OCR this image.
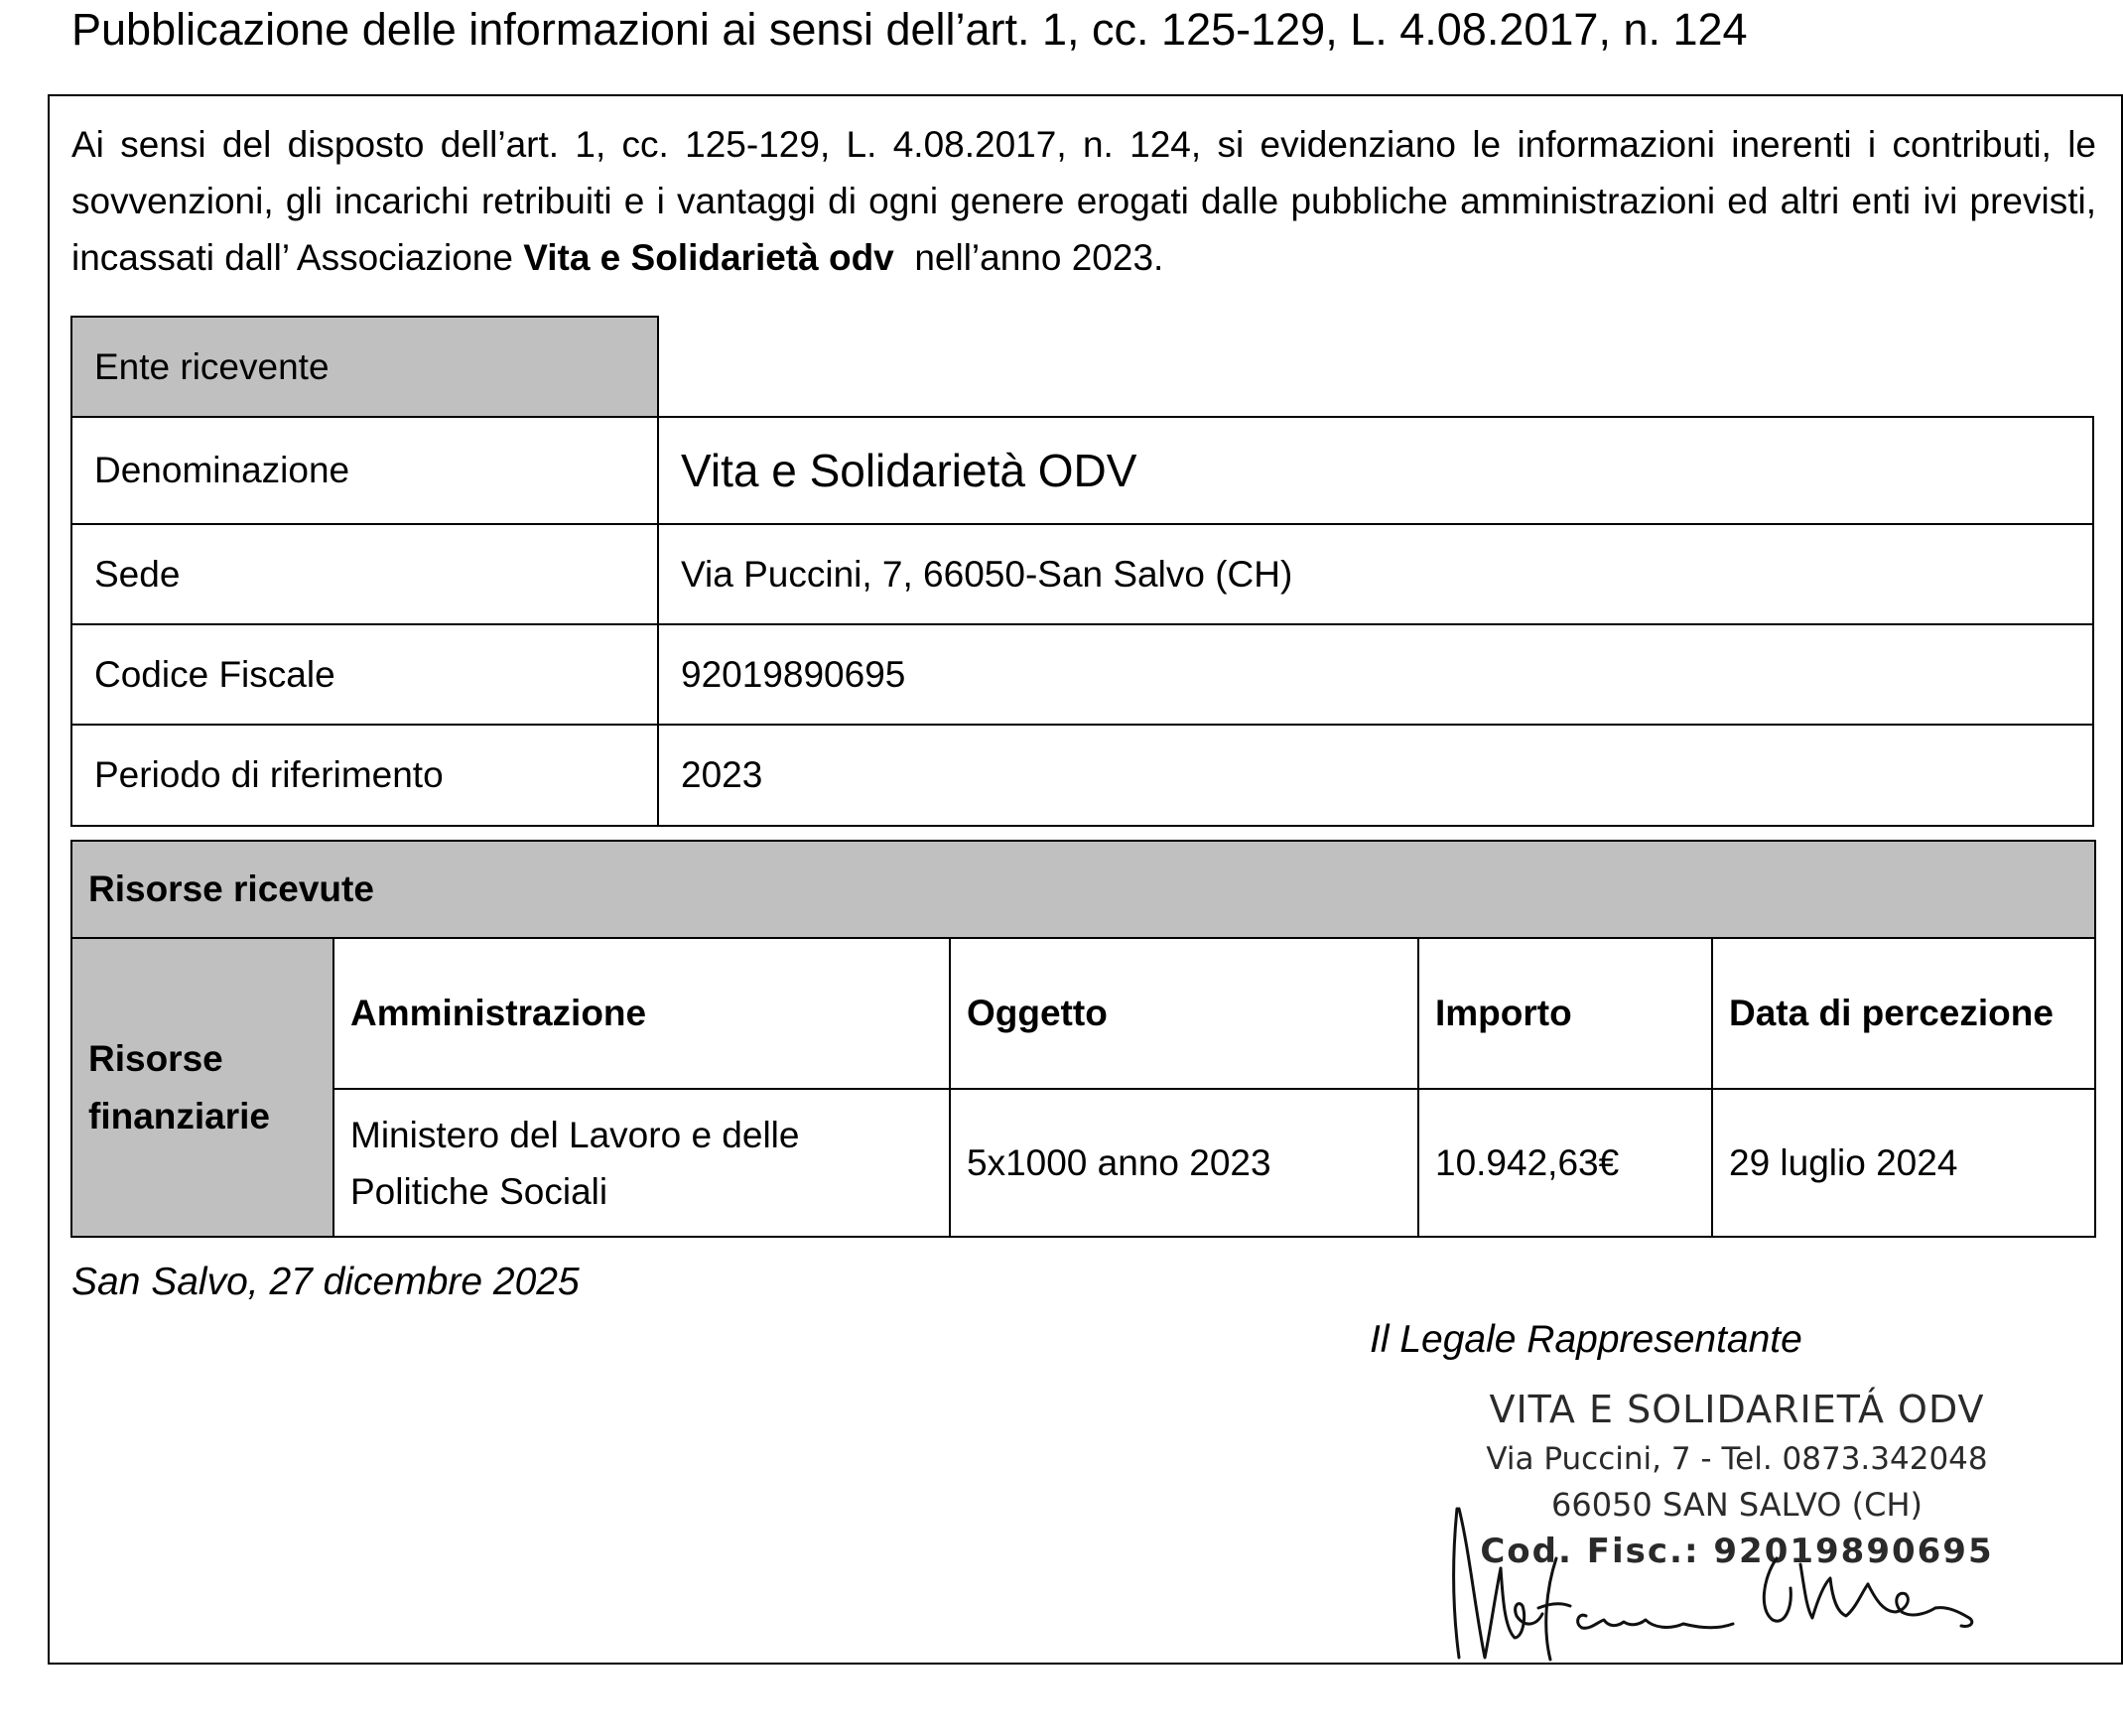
Pubblicazione delle informazioni ai sensi dell’art. 1, cc. 125-129, L. 4.08.2017, n. 124
Ai sensi del disposto dell’art. 1, cc. 125-129, L. 4.08.2017, n. 124, si evidenziano le informazioni inerenti i contributi, le sovvenzioni, gli incarichi retribuiti e i vantaggi di ogni genere erogati dalle pubbliche amministrazioni ed altri enti ivi previsti, incassati dall’ Associazione Vita e Solidarietà odv  nell’anno 2023.
Ente ricevente	
Denominazione	Vita e Solidarietà ODV
Sede	Via Puccini, 7, 66050-San Salvo (CH)
Codice Fiscale	92019890695
Periodo di riferimento	2023
Risorse ricevute				
Risorse finanziarie	Amministrazione	Oggetto	Importo	Data di percezione
	Ministero del Lavoro e delle Politiche Sociali	5x1000 anno 2023	10.942,63€	29 luglio 2024
San Salvo, 27 dicembre 2025
Il Legale Rappresentante
VITA E SOLIDARIETÁ ODV
Via Puccini, 7 - Tel. 0873.342048
66050 SAN SALVO (CH)
Cod. Fisc.: 92019890695
